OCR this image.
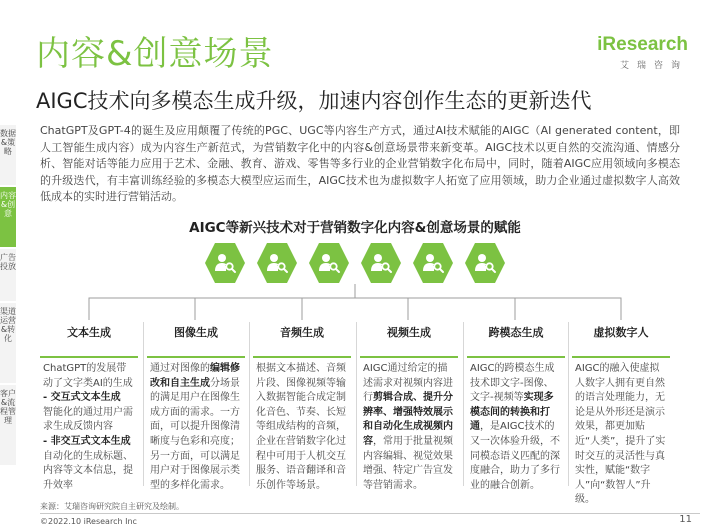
内容&创意场景	iResearch
艾瑞咨询
AIGC技术向多模态生成升级，加速内容创作生态的更新迭代
数据&策略
内容&创意
广告投放
渠道运营&转化
客户&流程管理
ChatGPT及GPT-4的诞生及应用颠覆了传统的PGC、UGC等内容生产方式，通过AI技术赋能的AIGC（AI generated content，即人工智能生成内容）成为内容生产新范式，为营销数字化中的内容&创意场景带来新变革。AIGC技术以更自然的交流沟通、情感分析、智能对话等能力应用于艺术、金融、教育、游戏、零售等多行业的企业营销数字化布局中，同时，随着AIGC应用领域向多模态的升级迭代，有丰富训练经验的多模态大模型应运而生，AIGC技术也为虚拟数字人拓宽了应用领域，助力企业通过虚拟数字人高效低成本的实时进行营销活动。
AIGC等新兴技术对于营销数字化内容&创意场景的赋能
文本生成
ChatGPT的发展带动了文字类AI的生成
- 交互式文本生成
智能化的通过用户需求生成反馈内容
- 非交互式文本生成
自动化的生成标题、内容等文本信息，提升效率
图像生成
通过对图像的编辑修改和自主生成分场景的满足用户在图像生成方面的需求。一方面，可以提升图像清晰度与色彩和亮度；另一方面，可以满足用户对于图像展示类型的多样化需求。
音频生成
根据文本描述、音频片段、图像视频等输入数据智能合成定制化音色、节奏、长短等组成结构的音频，企业在营销数字化过程中可用于人机交互服务、语音翻译和音乐创作等场景。
视频生成
AIGC通过给定的描述需求对视频内容进行剪辑合成、提升分辨率、增强特效展示和自动化生成视频内容，常用于批量视频内容编辑、视觉效果增强、特定广告宣发等营销需求。
跨模态生成
AIGC的跨模态生成技术即文字-图像、文字-视频等实现多模态间的转换和打通，是AIGC技术的又一次体验升级，不同模态语义匹配的深度融合，助力了多行业的融合创新。
虚拟数字人
AIGC的融入使虚拟人数字人拥有更自然的语言处理能力，无论是从外形还是演示效果，都更加贴近“人类”，提升了实时交互的灵活性与真实性，赋能“数字人”向“数智人”升级。
来源：艾瑞咨询研究院自主研究及绘制。
©2022.10 iResearch Inc	11
